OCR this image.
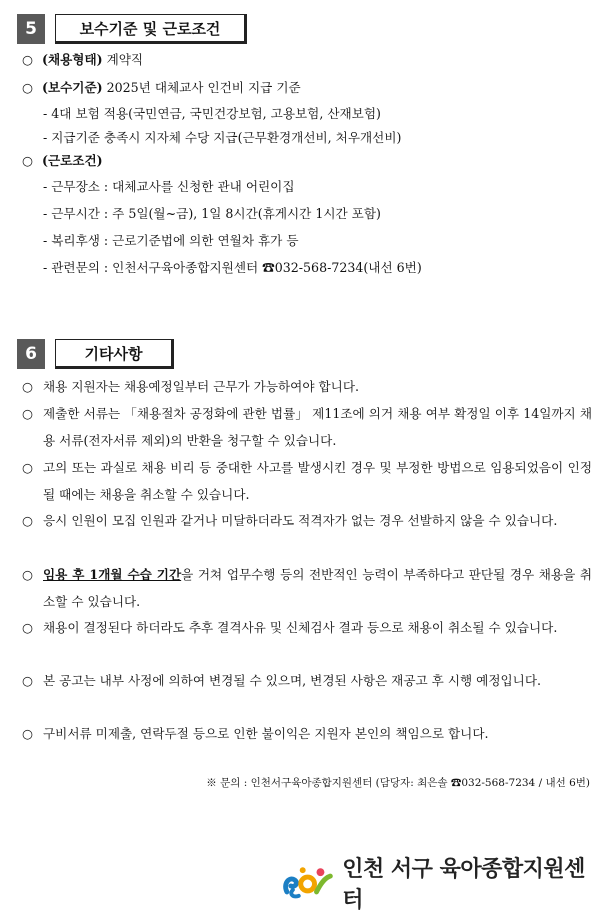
5	보수기준 및 근로조건
○ (채용형태) 계약직
○ (보수기준) 2025년 대체교사 인건비 지급 기준
- 4대 보험 적용(국민연금, 국민건강보험, 고용보험, 산재보험)
- 지급기준 충족시 지자체 수당 지급(근무환경개선비, 처우개선비)
○ (근로조건)
- 근무장소 : 대체교사를 신청한 관내 어린이집
- 근무시간 : 주 5일(월~금), 1일 8시간(휴게시간 1시간 포함)
- 복리후생 : 근로기준법에 의한 연월차 휴가 등
- 관련문의 : 인천서구육아종합지원센터 ☎032-568-7234(내선 6번)
6	기타사항
○ 채용 지원자는 채용예정일부터 근무가 가능하여야 합니다.
○ 제출한 서류는 「채용절차 공정화에 관한 법률」 제11조에 의거 채용 여부 확정일 이후 14일까지 채용 서류(전자서류 제외)의 반환을 청구할 수 있습니다.
○ 고의 또는 과실로 채용 비리 등 중대한 사고를 발생시킨 경우 및 부정한 방법으로 임용되었음이 인정될 때에는 채용을 취소할 수 있습니다.
○ 응시 인원이 모집 인원과 같거나 미달하더라도 적격자가 없는 경우 선발하지 않을 수 있습니다.
○ 임용 후 1개월 수습 기간을 거쳐 업무수행 등의 전반적인 능력이 부족하다고 판단될 경우 채용을 취소할 수 있습니다.
○ 채용이 결정된다 하더라도 추후 결격사유 및 신체검사 결과 등으로 채용이 취소될 수 있습니다.
○ 본 공고는 내부 사정에 의하여 변경될 수 있으며, 변경된 사항은 재공고 후 시행 예정입니다.
○ 구비서류 미제출, 연락두절 등으로 인한 불이익은 지원자 본인의 책임으로 합니다.
※ 문의 : 인천서구육아종합지원센터 (담당자: 최은솔 ☎032-568-7234 / 내선 6번)
인천 서구 육아종합지원센터
